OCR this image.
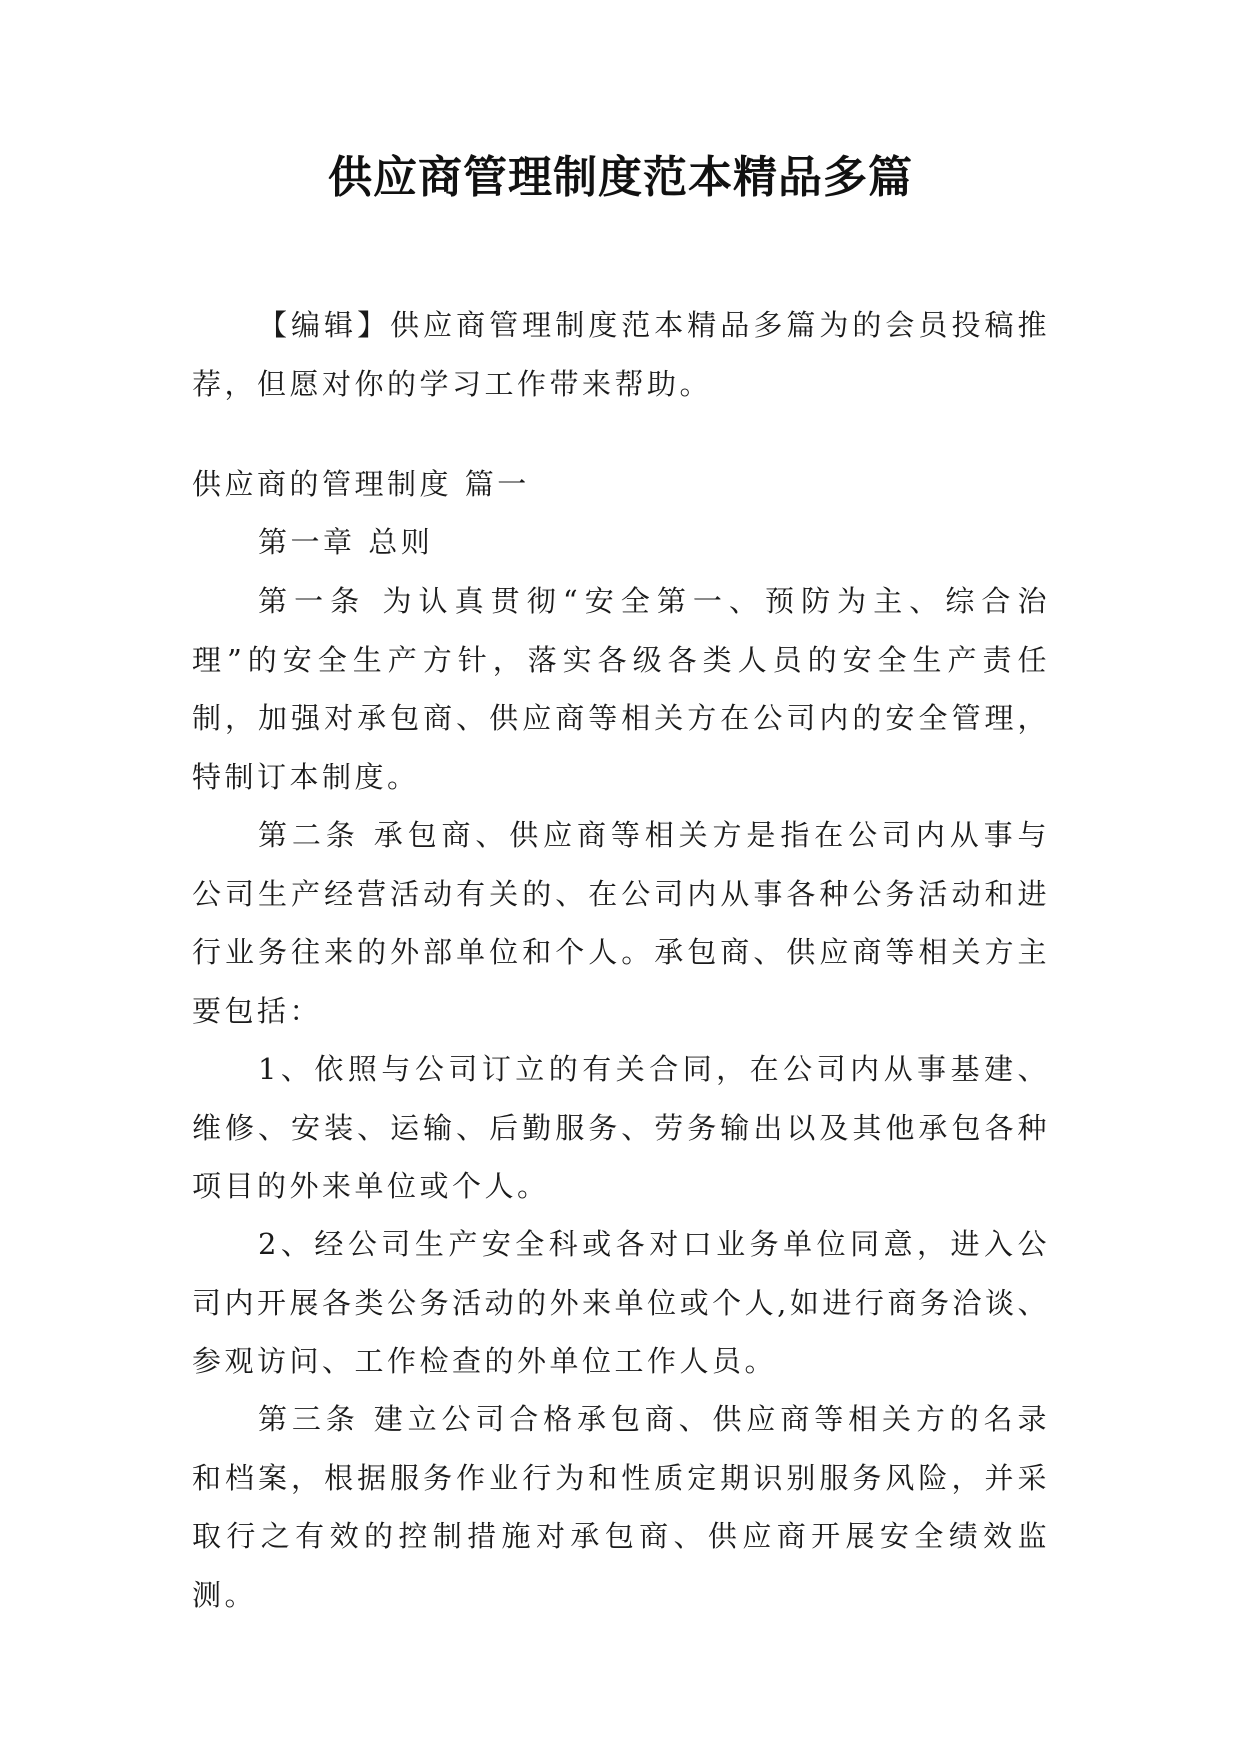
供应商管理制度范本精品多篇

【编辑】供应商管理制度范本精品多篇为的会员投稿推荐，但愿对你的学习工作带来帮助。

供应商的管理制度 篇一

第一章 总则

第一条 为认真贯彻“安全第一、预防为主、综合治理”的安全生产方针，落实各级各类人员的安全生产责任制，加强对承包商、供应商等相关方在公司内的安全管理，特制订本制度。

第二条 承包商、供应商等相关方是指在公司内从事与公司生产经营活动有关的、在公司内从事各种公务活动和进行业务往来的外部单位和个人。承包商、供应商等相关方主要包括：

1、依照与公司订立的有关合同，在公司内从事基建、维修、安装、运输、后勤服务、劳务输出以及其他承包各种项目的外来单位或个人。

2、经公司生产安全科或各对口业务单位同意，进入公司内开展各类公务活动的外来单位或个人,如进行商务洽谈、参观访问、工作检查的外单位工作人员。

第三条 建立公司合格承包商、供应商等相关方的名录和档案，根据服务作业行为和性质定期识别服务风险，并采取行之有效的控制措施对承包商、供应商开展安全绩效监测。
